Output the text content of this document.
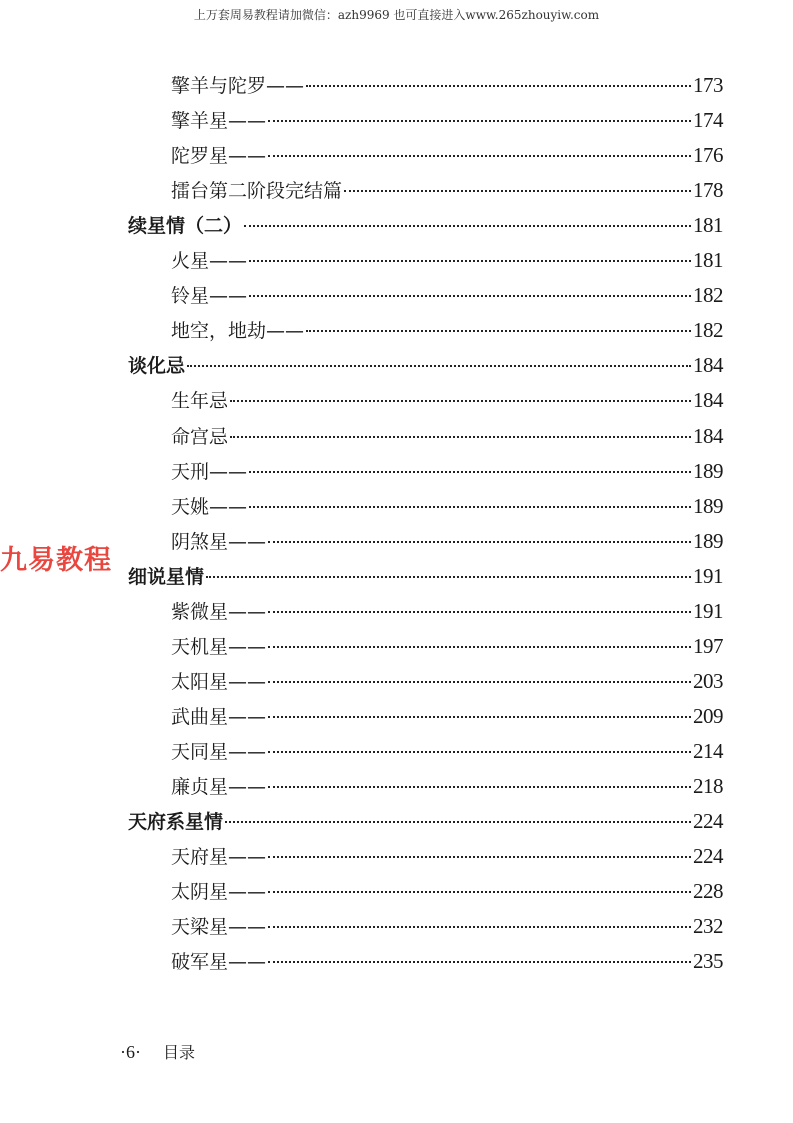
上万套周易教程请加微信：azh9969 也可直接进入www.265zhouyiw.com
擎羊与陀罗——	173
擎羊星——	174
陀罗星——	176
擂台第二阶段完结篇	178
续星情（二）	181
火星——	181
铃星——	182
地空，地劫——	182
谈化忌	184
生年忌	184
命宫忌	184
天刑——	189
天姚——	189
阴煞星——	189
细说星情	191
紫微星——	191
天机星——	197
太阳星——	203
武曲星——	209
天同星——	214
廉贞星——	218
天府系星情	224
天府星——	224
太阴星——	228
天梁星——	232
破军星——	235
九易教程
·6· 目录
